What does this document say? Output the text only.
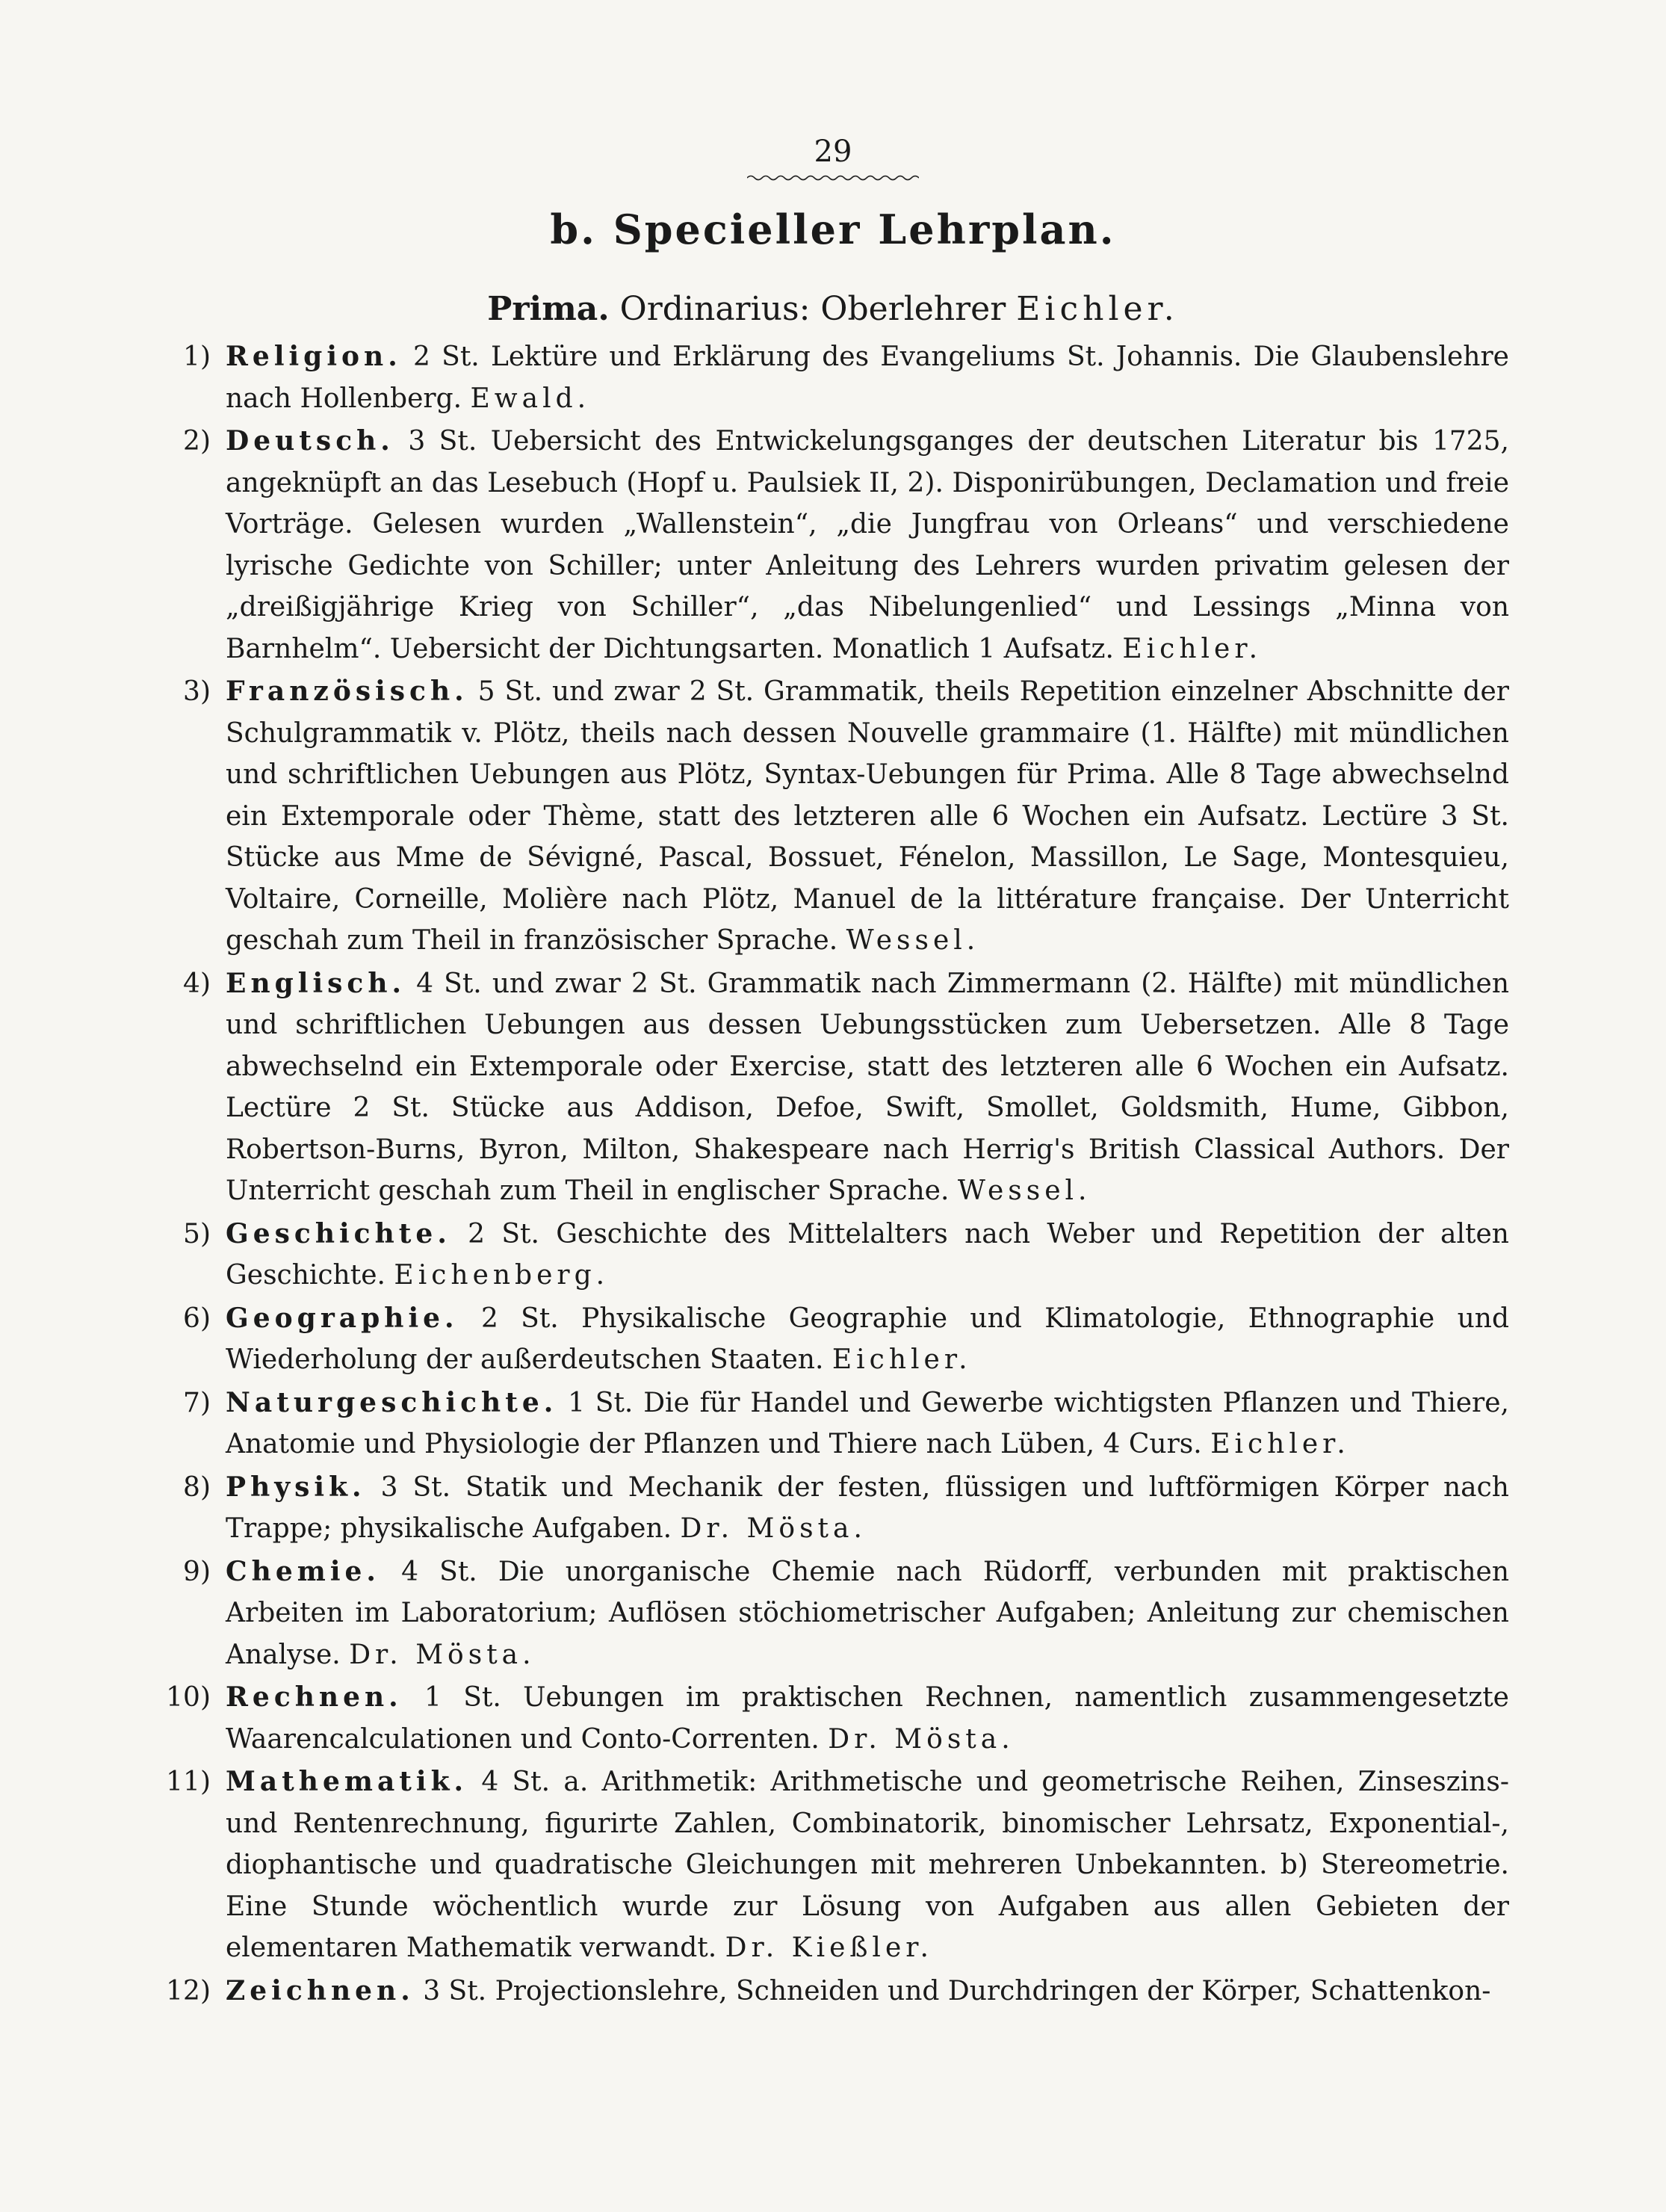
29
b. Specieller Lehrplan.
Prima. Ordinarius: Oberlehrer Eichler.
1) Religion. 2 St. Lektüre und Erklärung des Evangeliums St. Johannis. Die Glaubenslehre nach Hollenberg. Ewald.
2) Deutsch. 3 St. Uebersicht des Entwickelungsganges der deutschen Literatur bis 1725, angeknüpft an das Lesebuch (Hopf u. Paulsiek II, 2). Disponirübungen, Declamation und freie Vorträge. Gelesen wurden „Wallenstein“, „die Jungfrau von Orleans“ und verschiedene lyrische Gedichte von Schiller; unter Anleitung des Lehrers wurden privatim gelesen der „dreißigjährige Krieg von Schiller“, „das Nibelungenlied“ und Lessings „Minna von Barnhelm“. Uebersicht der Dichtungsarten. Monatlich 1 Aufsatz. Eichler.
3) Französisch. 5 St. und zwar 2 St. Grammatik, theils Repetition einzelner Abschnitte der Schulgrammatik v. Plötz, theils nach dessen Nouvelle grammaire (1. Hälfte) mit mündlichen und schriftlichen Uebungen aus Plötz, Syntax-Uebungen für Prima. Alle 8 Tage abwechselnd ein Extemporale oder Thème, statt des letzteren alle 6 Wochen ein Aufsatz. Lectüre 3 St. Stücke aus Mme de Sévigné, Pascal, Bossuet, Fénelon, Massillon, Le Sage, Montesquieu, Voltaire, Corneille, Molière nach Plötz, Manuel de la littérature française. Der Unterricht geschah zum Theil in französischer Sprache. Wessel.
4) Englisch. 4 St. und zwar 2 St. Grammatik nach Zimmermann (2. Hälfte) mit mündlichen und schriftlichen Uebungen aus dessen Uebungsstücken zum Uebersetzen. Alle 8 Tage abwechselnd ein Extemporale oder Exercise, statt des letzteren alle 6 Wochen ein Aufsatz. Lectüre 2 St. Stücke aus Addison, Defoe, Swift, Smollet, Goldsmith, Hume, Gibbon, Robertson-Burns, Byron, Milton, Shakespeare nach Herrig's British Classical Authors. Der Unterricht geschah zum Theil in englischer Sprache. Wessel.
5) Geschichte. 2 St. Geschichte des Mittelalters nach Weber und Repetition der alten Geschichte. Eichenberg.
6) Geographie. 2 St. Physikalische Geographie und Klimatologie, Ethnographie und Wiederholung der außerdeutschen Staaten. Eichler.
7) Naturgeschichte. 1 St. Die für Handel und Gewerbe wichtigsten Pflanzen und Thiere, Anatomie und Physiologie der Pflanzen und Thiere nach Lüben, 4 Curs. Eichler.
8) Physik. 3 St. Statik und Mechanik der festen, flüssigen und luftförmigen Körper nach Trappe; physikalische Aufgaben. Dr. Mösta.
9) Chemie. 4 St. Die unorganische Chemie nach Rüdorff, verbunden mit praktischen Arbeiten im Laboratorium; Auflösen stöchiometrischer Aufgaben; Anleitung zur chemischen Analyse. Dr. Mösta.
10) Rechnen. 1 St. Uebungen im praktischen Rechnen, namentlich zusammengesetzte Waarencalculationen und Conto-Correnten. Dr. Mösta.
11) Mathematik. 4 St. a. Arithmetik: Arithmetische und geometrische Reihen, Zinseszins- und Rentenrechnung, figurirte Zahlen, Combinatorik, binomischer Lehrsatz, Exponential-, diophantische und quadratische Gleichungen mit mehreren Unbekannten. b) Stereometrie. Eine Stunde wöchentlich wurde zur Lösung von Aufgaben aus allen Gebieten der elementaren Mathematik verwandt. Dr. Kießler.
12) Zeichnen. 3 St. Projectionslehre, Schneiden und Durchdringen der Körper, Schattenkon-
